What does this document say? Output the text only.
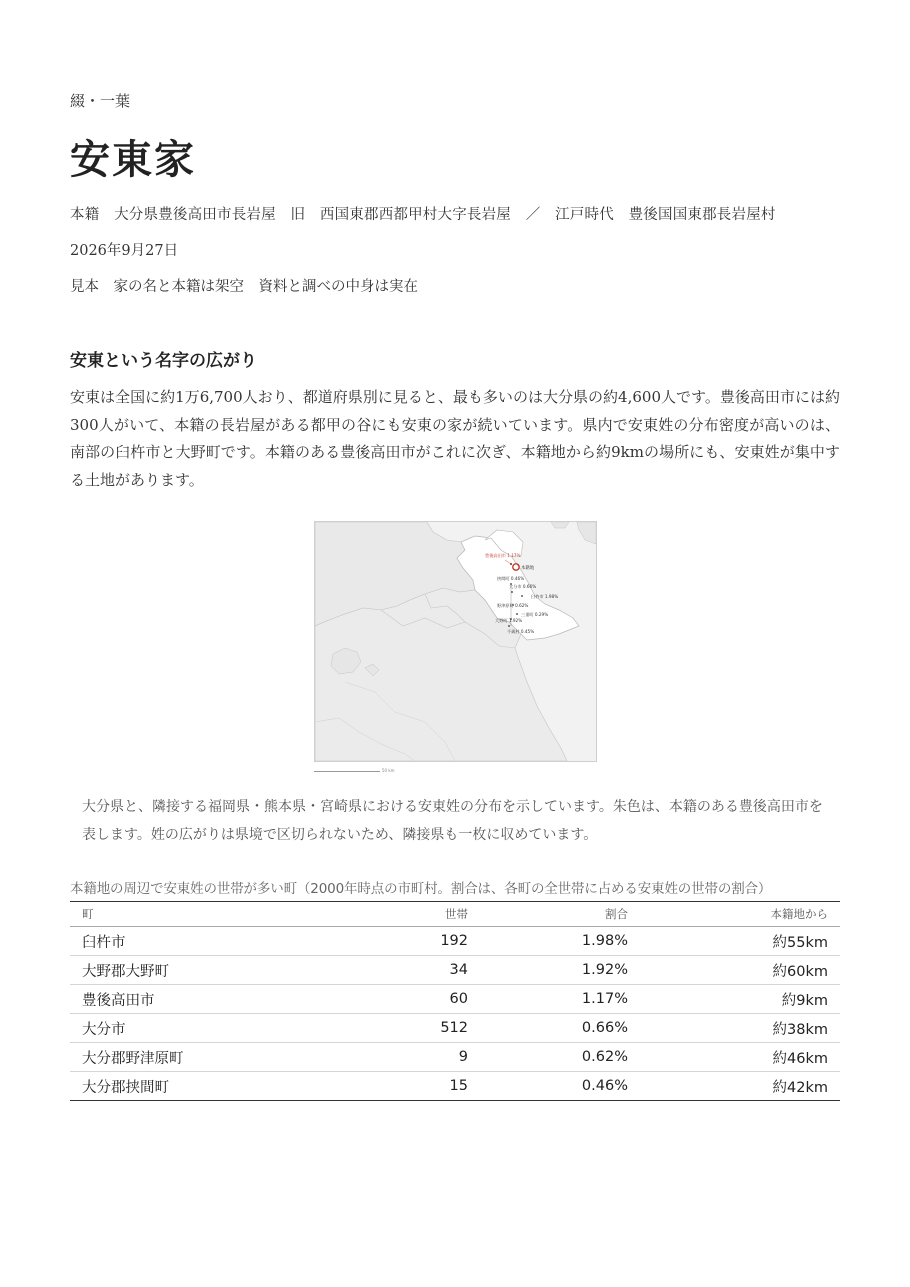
綴・一葉
安東家
本籍　大分県豊後高田市長岩屋　旧　西国東郡西都甲村大字長岩屋　／　江戸時代　豊後国国東郡長岩屋村
2026年9月27日
見本　家の名と本籍は架空　資料と調べの中身は実在
安東という名字の広がり

安東は全国に約1万6,700人おり、都道府県別に見ると、最も多いのは大分県の約4,600人です。豊後高田市には約300人がいて、本籍の長岩屋がある都甲の谷にも安東の家が続いています。県内で安東姓の分布密度が高いのは、南部の臼杵市と大野町です。本籍のある豊後高田市がこれに次ぎ、本籍地から約9kmの場所にも、安東姓が集中する土地があります。

豊後高田市 1.17%
本籍地
挟間町 0.46%
大分市 0.66%
臼杵市 1.98%
野津原町 0.62%
三重町 0.29%
大野町 1.92%
千歳村 0.45%
50 km

大分県と、隣接する福岡県・熊本県・宮崎県における安東姓の分布を示しています。朱色は、本籍のある豊後高田市を表します。姓の広がりは県境で区切られないため、隣接県も一枚に収めています。

本籍地の周辺で安東姓の世帯が多い町（2000年時点の市町村。割合は、各町の全世帯に占める安東姓の世帯の割合）
町	世帯	割合	本籍地から
臼杵市	192	1.98%	約55km
大野郡大野町	34	1.92%	約60km
豊後高田市	60	1.17%	約9km
大分市	512	0.66%	約38km
大分郡野津原町	9	0.62%	約46km
大分郡挟間町	15	0.46%	約42km
